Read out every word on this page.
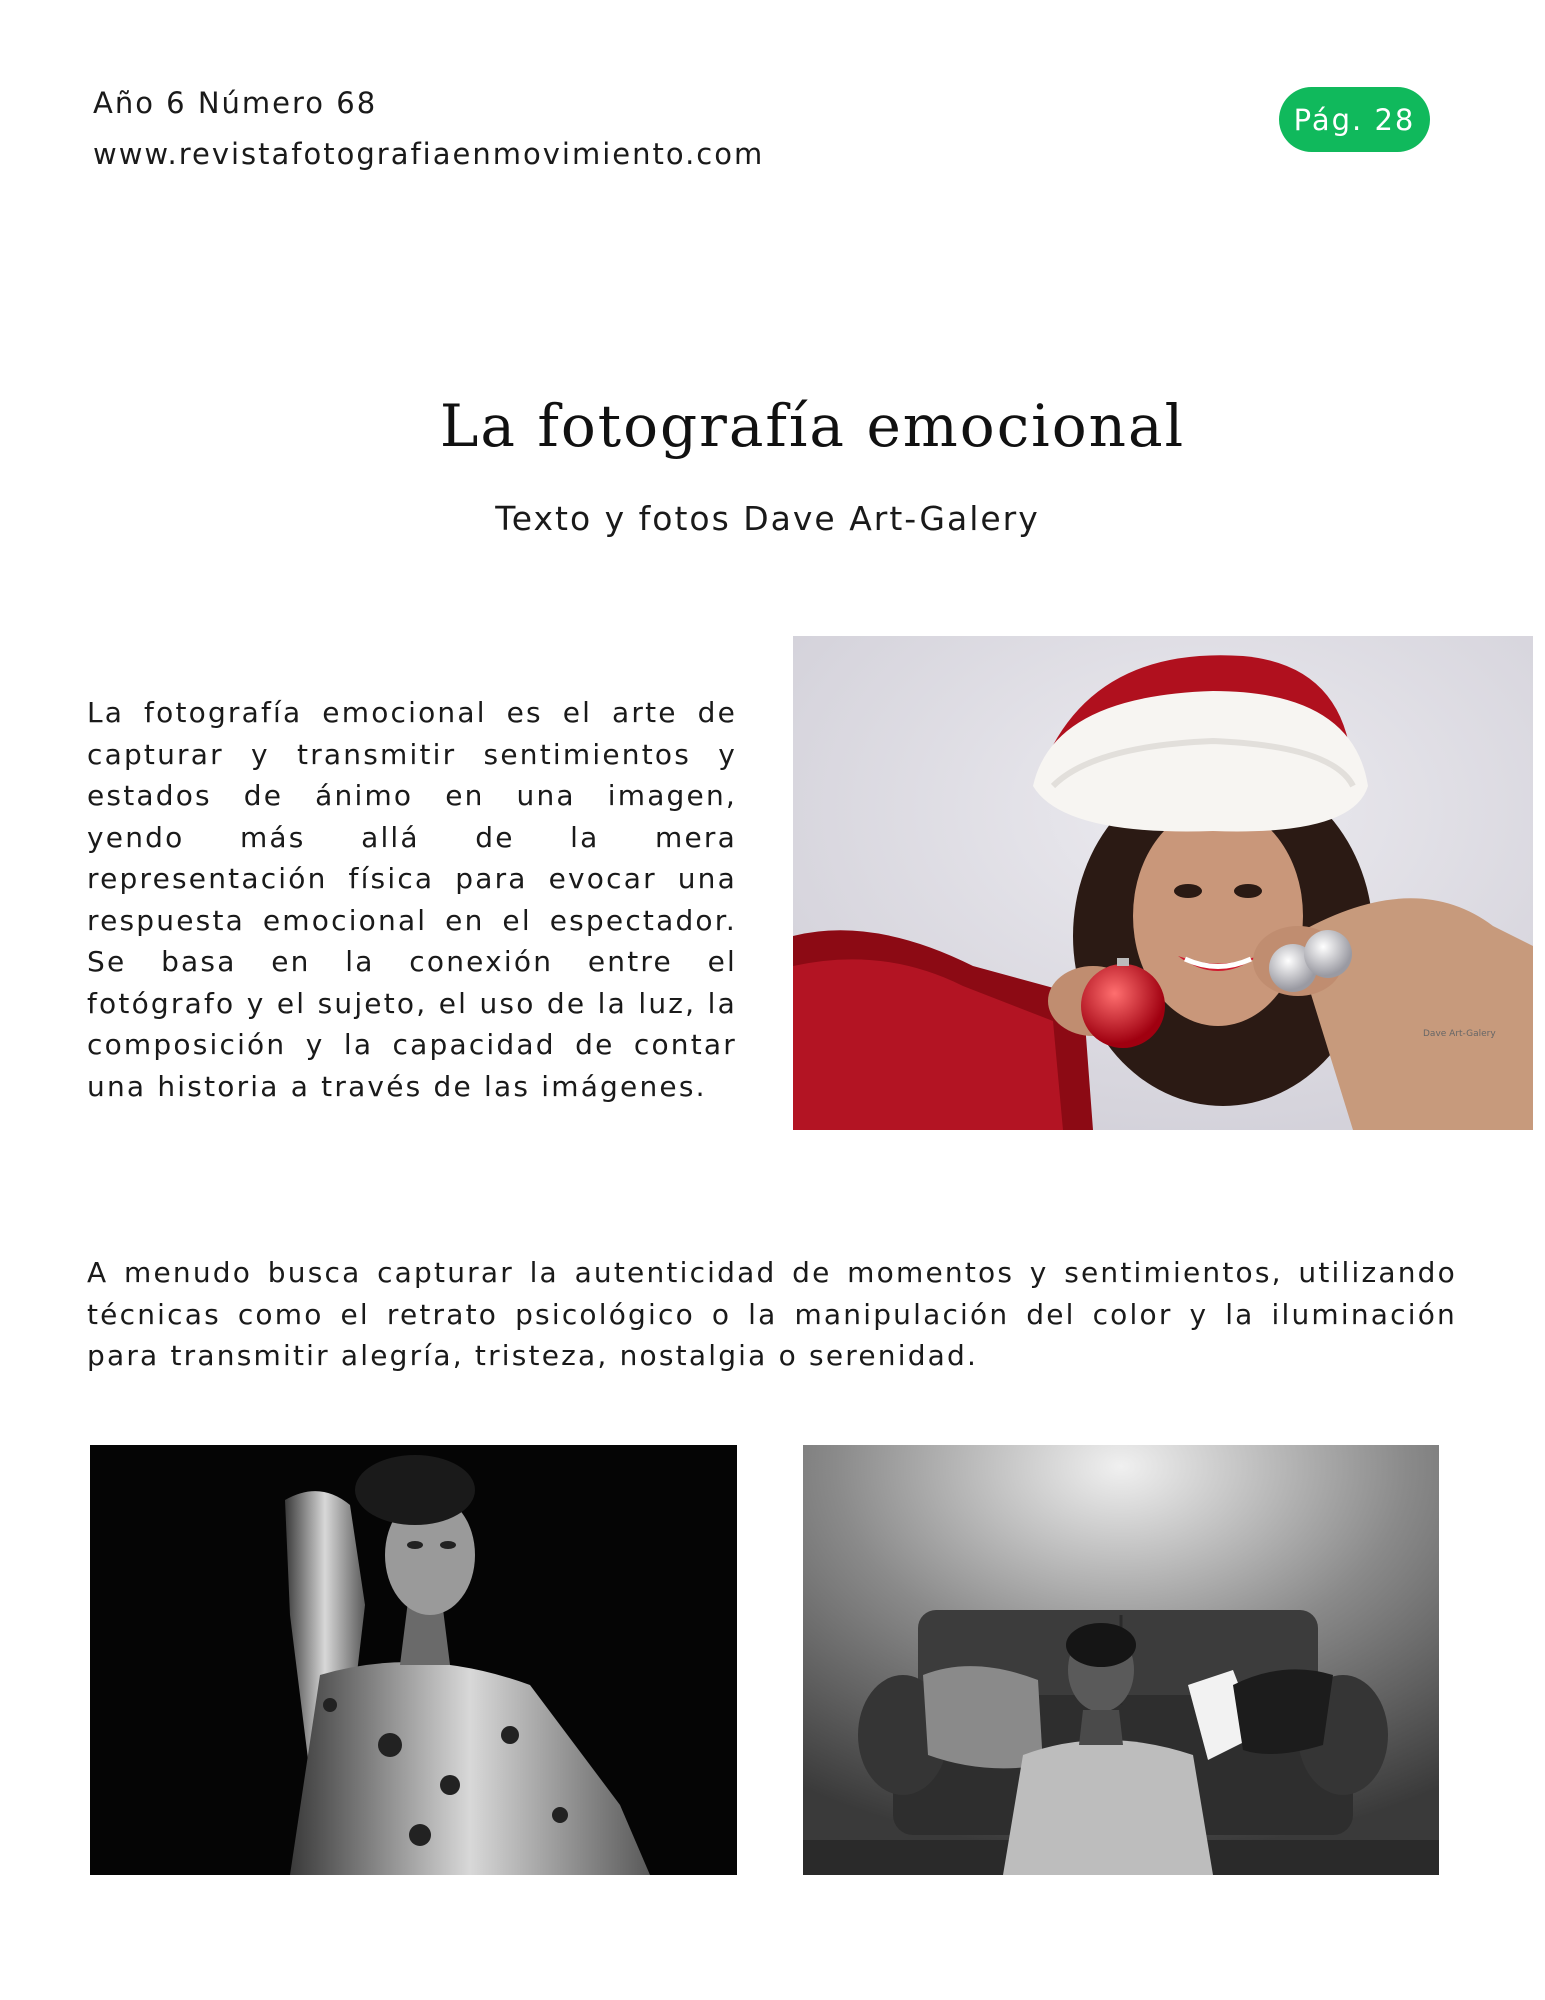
Año 6 Número 68
www.revistafotografiaenmovimiento.com
Pág. 28
La fotografía emocional
Texto y fotos Dave Art-Galery

La fotografía emocional es el arte de capturar y transmitir sentimientos y estados de ánimo en una imagen, yendo más allá de la mera representación física para evocar una respuesta emocional en el espectador. Se basa en la conexión entre el fotógrafo y el sujeto, el uso de la luz, la composición y la capacidad de contar una historia a través de las imágenes.

Dave Art-Galery

A menudo busca capturar la autenticidad de momentos y sentimientos, utilizando técnicas como el retrato psicológico o la manipulación del color y la iluminación para transmitir alegría, tristeza, nostalgia o serenidad.
